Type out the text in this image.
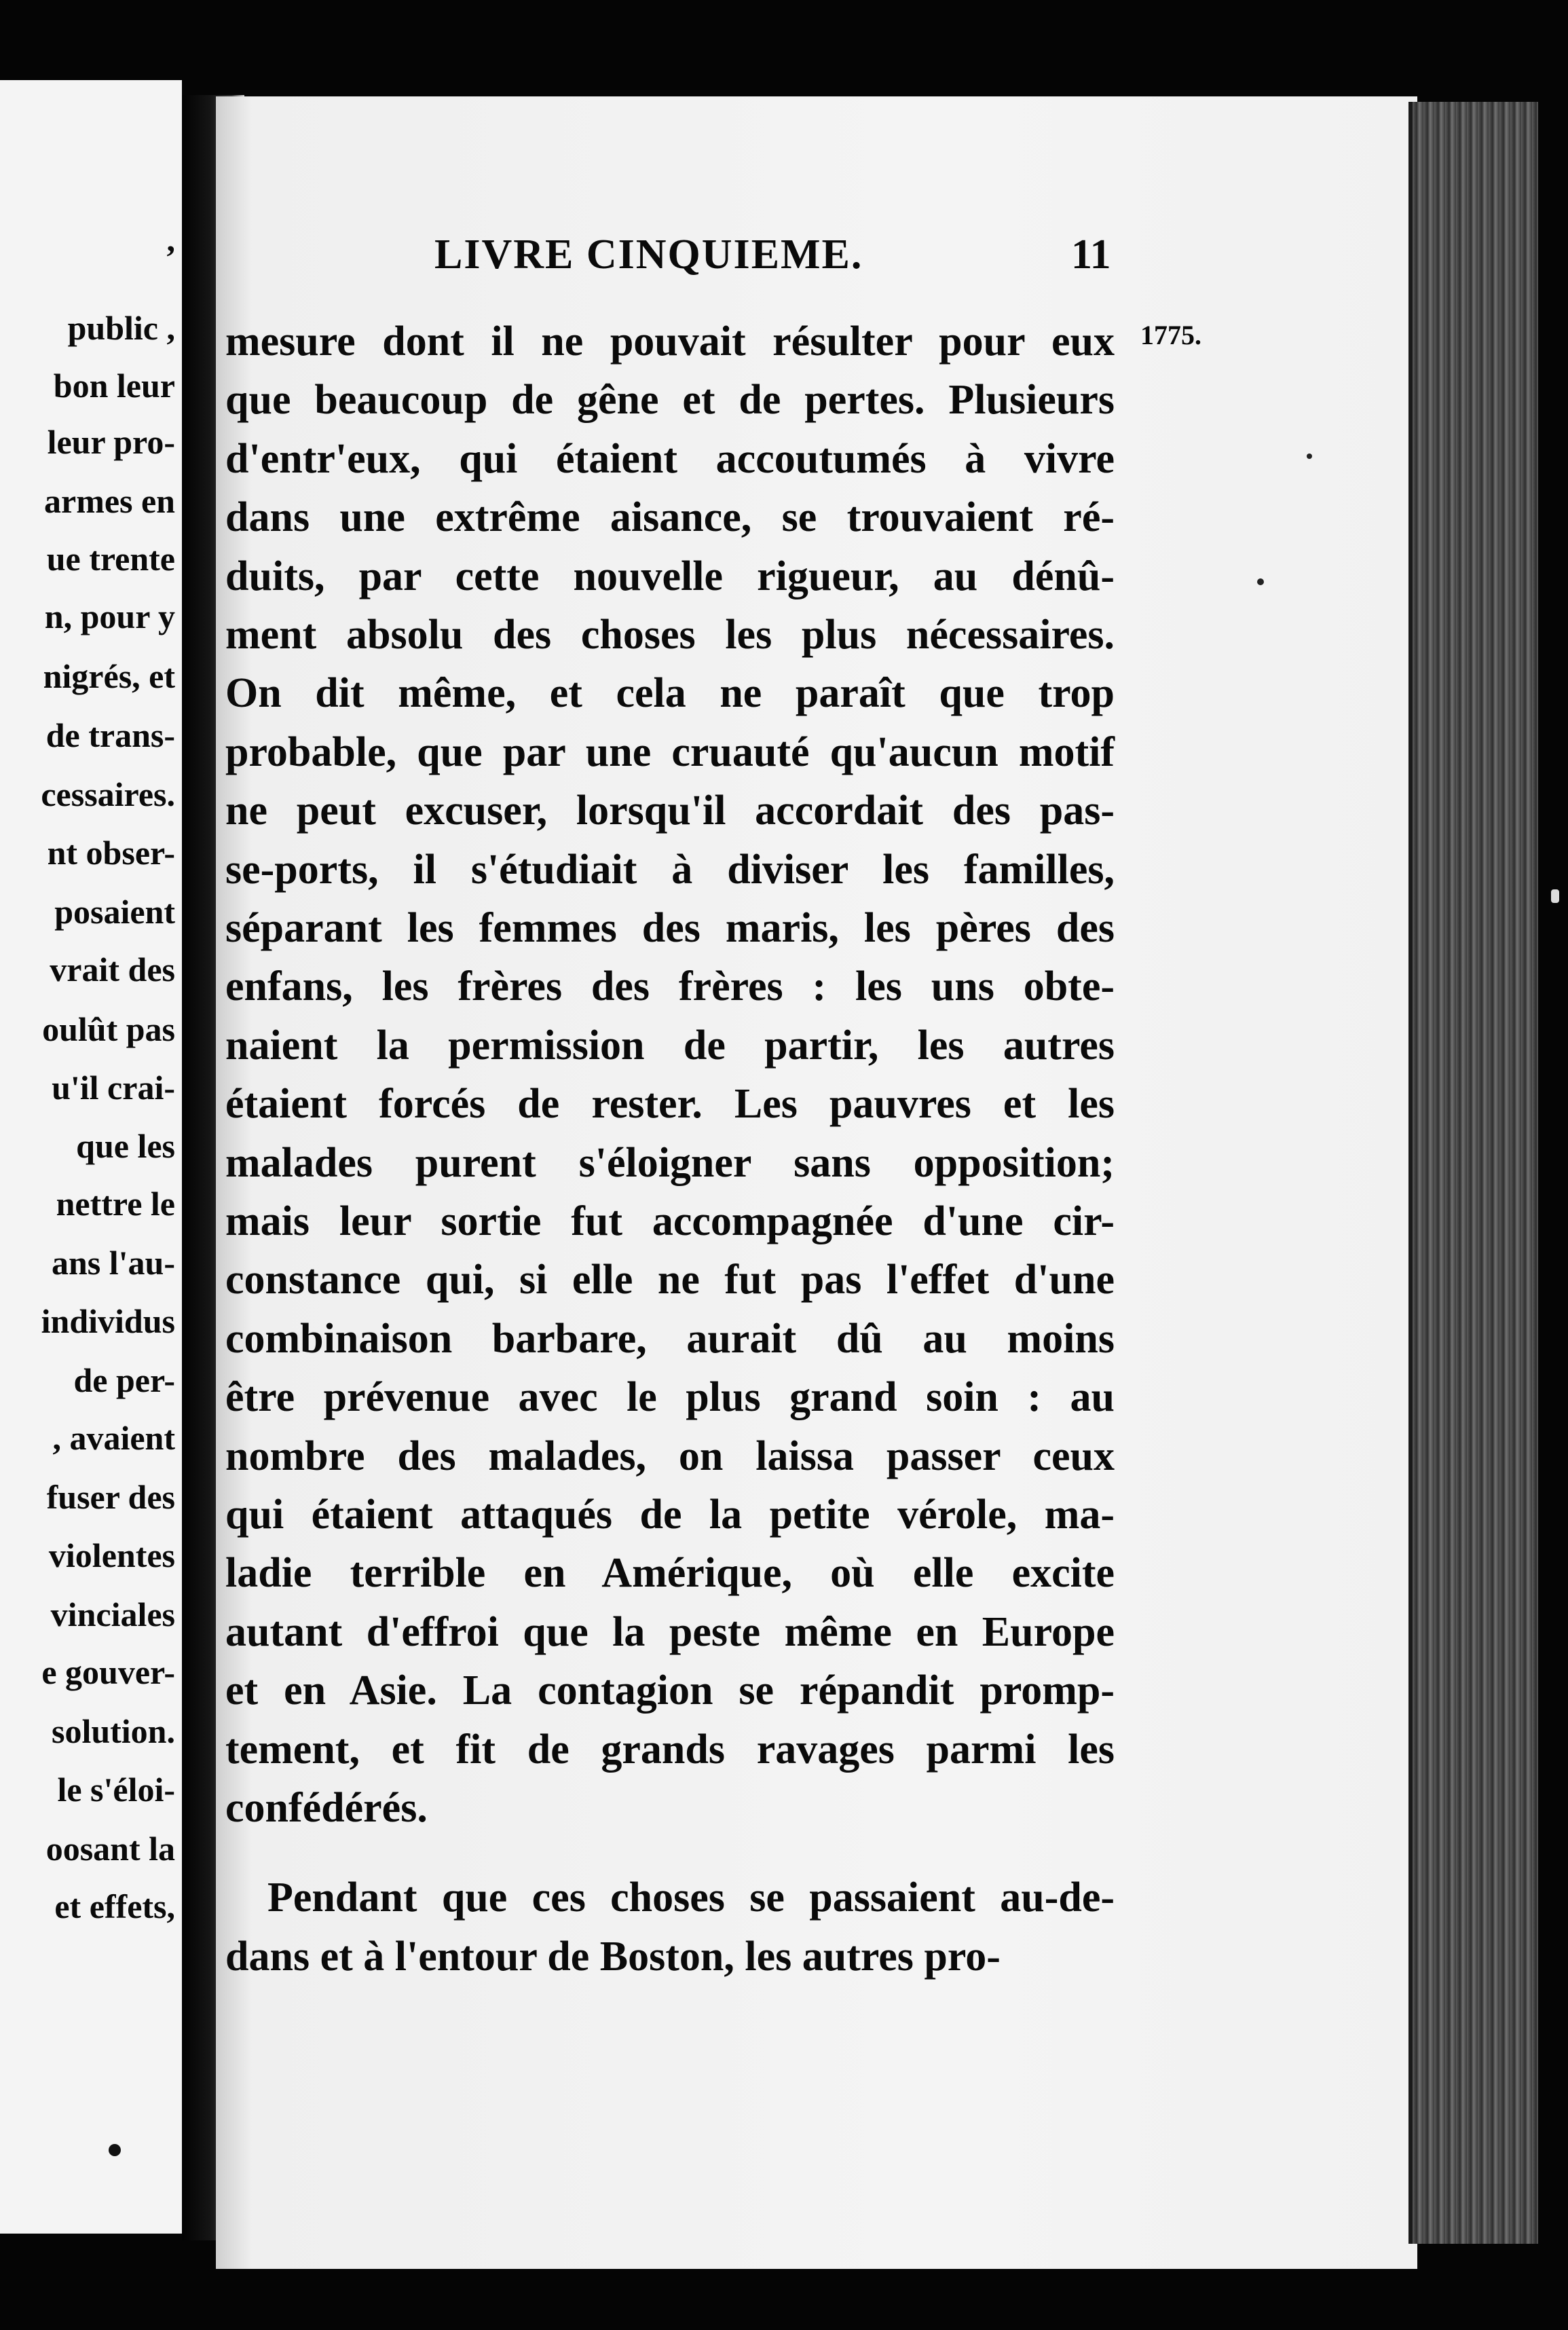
,
public ,
bon leur
leur pro-
armes en
ue trente
n, pour y
nigrés, et
de trans-
cessaires.
nt obser-
posaient
vrait des
oulût pas
u'il crai-
que les
nettre le
ans l'au-
individus
de per-
, avaient
fuser des
violentes
vinciales
e gouver-
solution.
le s'éloi-
oosant la
et effets,
LIVRE CINQUIEME.	11
1775.
mesure dont il ne pouvait résulter pour eux
que beaucoup de gêne et de pertes. Plusieurs
d'entr'eux, qui étaient accoutumés à vivre
dans une extrême aisance, se trouvaient ré-
duits, par cette nouvelle rigueur, au dénû-
ment absolu des choses les plus nécessaires.
On dit même, et cela ne paraît que trop
probable, que par une cruauté qu'aucun motif
ne peut excuser, lorsqu'il accordait des pas-
se-ports, il s'étudiait à diviser les familles,
séparant les femmes des maris, les pères des
enfans, les frères des frères : les uns obte-
naient la permission de partir, les autres
étaient forcés de rester. Les pauvres et les
malades purent s'éloigner sans opposition;
mais leur sortie fut accompagnée d'une cir-
constance qui, si elle ne fut pas l'effet d'une
combinaison barbare, aurait dû au moins
être prévenue avec le plus grand soin : au
nombre des malades, on laissa passer ceux
qui étaient attaqués de la petite vérole, ma-
ladie terrible en Amérique, où elle excite
autant d'effroi que la peste même en Europe
et en Asie. La contagion se répandit promp-
tement, et fit de grands ravages parmi les
confédérés.
Pendant que ces choses se passaient au-de-
dans et à l'entour de Boston, les autres pro-
